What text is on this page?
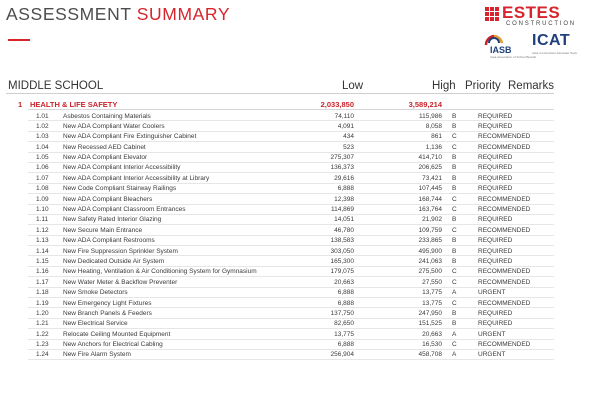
ASSESSMENT SUMMARY	ESTES
CONSTRUCTION
IASB
ICAT
Iowa Association of School Boards
Iowa Construction Advocate Team
MIDDLE SCHOOL	Low	High Priority Remarks
1 HEALTH & LIFE SAFETY	2,033,850	3,589,214
1.01 Asbestos Containing Materials	74,110	115,986 B	REQUIRED
1.02 New ADA Compliant Water Coolers	4,091	8,058 B	REQUIRED
1.03 New ADA Compliant Fire Extinguisher Cabinet	434	861 C	RECOMMENDED
1.04 New Recessed AED Cabinet	523	1,136 C	RECOMMENDED
1.05 New ADA Compliant Elevator	275,307	414,710 B	REQUIRED
1.06 New ADA Compliant Interior Accessibility	136,373	206,625 B	REQUIRED
1.07 New ADA Compliant Interior Accessibility at Library	29,616	73,421 B	REQUIRED
1.08 New Code Compliant Stairway Railings	6,888	107,445 B	REQUIRED
1.09 New ADA Compliant Bleachers	12,398	168,744 C	RECOMMENDED
1.10 New ADA Compliant Classroom Entrances	114,869	163,764 C	RECOMMENDED
1.11 New Safety Rated Interior Glazing	14,051	21,902 B	REQUIRED
1.12 New Secure Main Entrance	46,780	109,759 C	RECOMMENDED
1.13 New ADA Compliant Restrooms	138,583	233,865 B	REQUIRED
1.14 New Fire Suppression Sprinkler System	303,050	495,900 B	REQUIRED
1.15 New Dedicated Outside Air System	165,300	241,063 B	REQUIRED
1.16 New Heating, Ventilation & Air Conditioning System for Gymnasium	179,075	275,500 C	RECOMMENDED
1.17 New Water Meter & Backflow Preventer	20,663	27,550 C	RECOMMENDED
1.18 New Smoke Detectors	6,888	13,775 A	URGENT
1.19 New Emergency Light Fixtures	6,888	13,775 C	RECOMMENDED
1.20 New Branch Panels & Feeders	137,750	247,950 B	REQUIRED
1.21 New Electrical Service	82,650	151,525 B	REQUIRED
1.22 Relocate Ceiling Mounted Equipment	13,775	20,663 A	URGENT
1.23 New Anchors for Electrical Cabling	6,888	16,530 C	RECOMMENDED
1.24 New Fire Alarm System	256,904	458,708 A	URGENT
